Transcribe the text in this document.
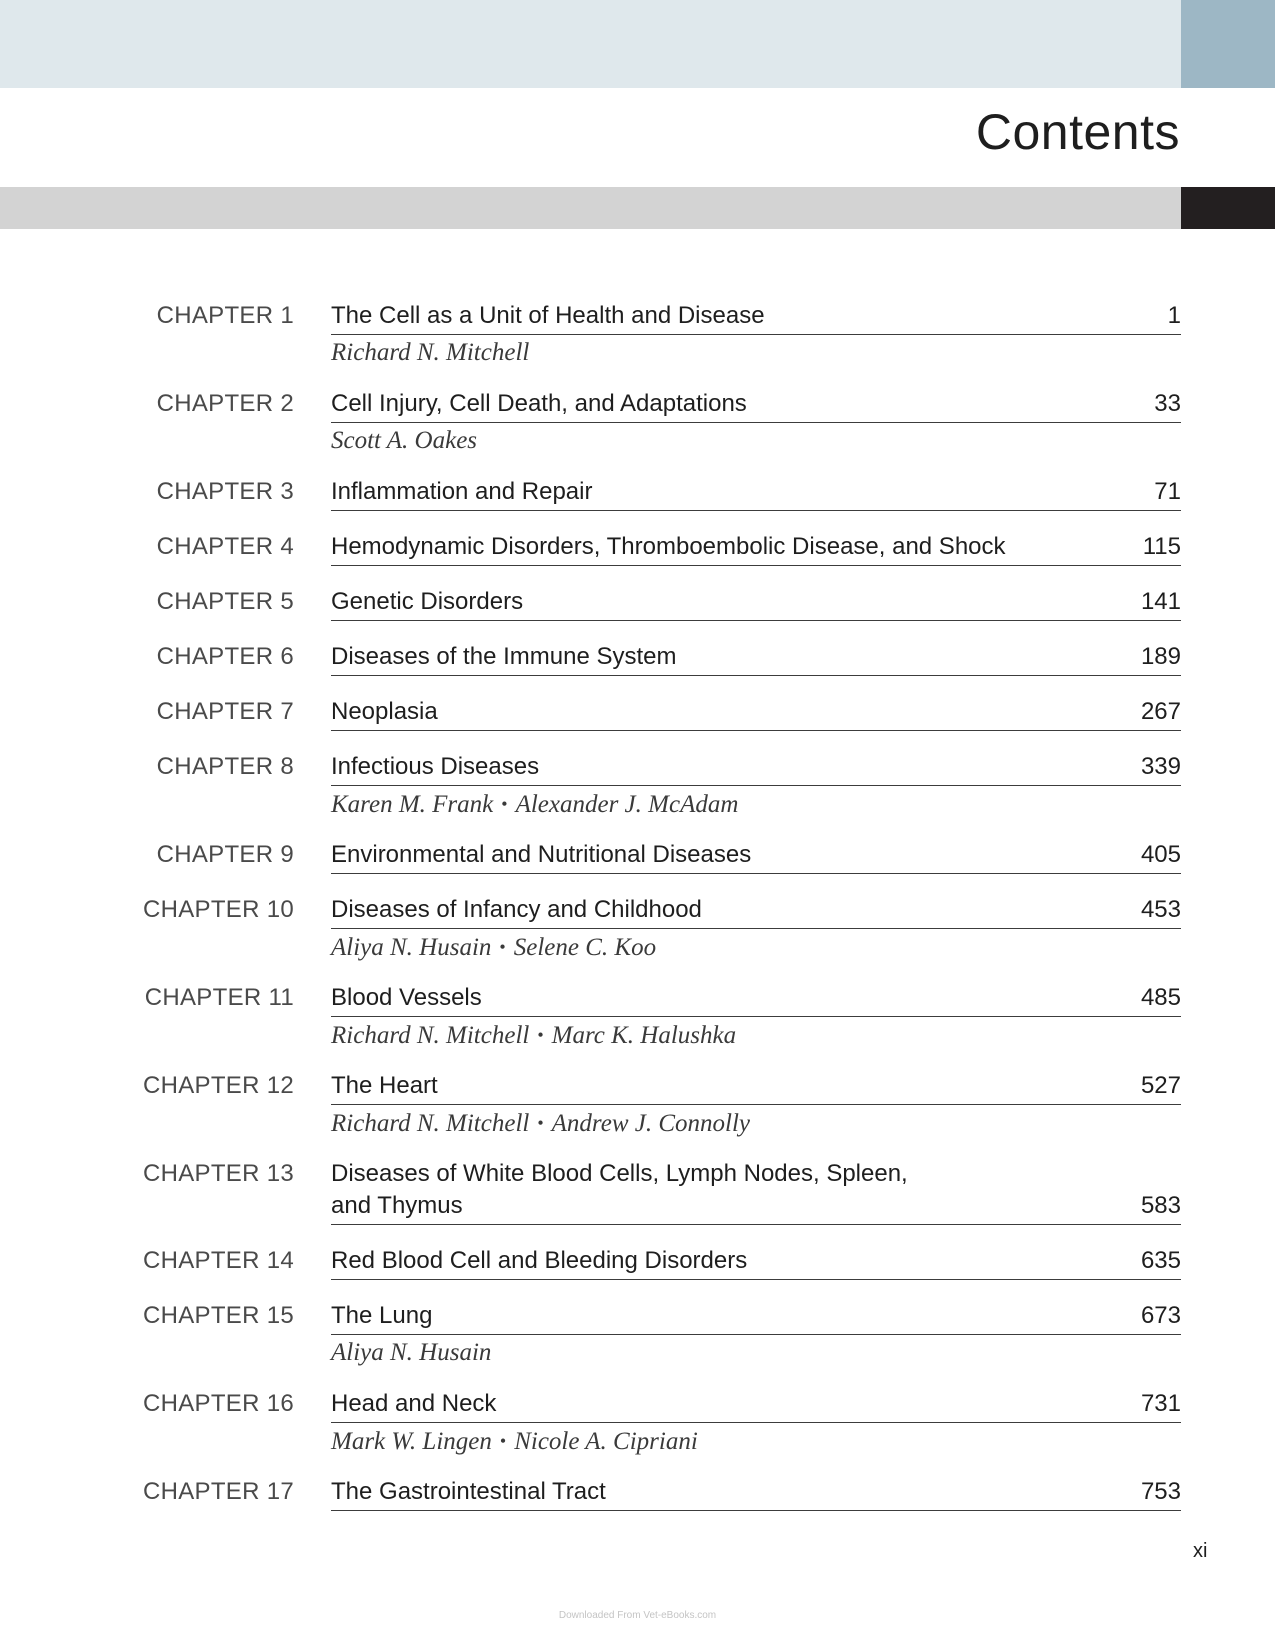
Contents
CHAPTER 1 The Cell as a Unit of Health and Disease	1
Richard N. Mitchell
CHAPTER 2 Cell Injury, Cell Death, and Adaptations	33
Scott A. Oakes
CHAPTER 3 Inflammation and Repair	71
CHAPTER 4 Hemodynamic Disorders, Thromboembolic Disease, and Shock	115
CHAPTER 5 Genetic Disorders	141
CHAPTER 6 Diseases of the Immune System	189
CHAPTER 7 Neoplasia	267
CHAPTER 8 Infectious Diseases	339
Karen M. Frank • Alexander J. McAdam
CHAPTER 9 Environmental and Nutritional Diseases	405
CHAPTER 10 Diseases of Infancy and Childhood	453
Aliya N. Husain • Selene C. Koo
CHAPTER 11 Blood Vessels	485
Richard N. Mitchell • Marc K. Halushka
CHAPTER 12 The Heart	527
Richard N. Mitchell • Andrew J. Connolly
CHAPTER 13 Diseases of White Blood Cells, Lymph Nodes, Spleen, and Thymus	583
CHAPTER 14 Red Blood Cell and Bleeding Disorders	635
CHAPTER 15 The Lung	673
Aliya N. Husain
CHAPTER 16 Head and Neck	731
Mark W. Lingen • Nicole A. Cipriani
CHAPTER 17 The Gastrointestinal Tract	753
xi
Downloaded From Vet-eBooks.com
